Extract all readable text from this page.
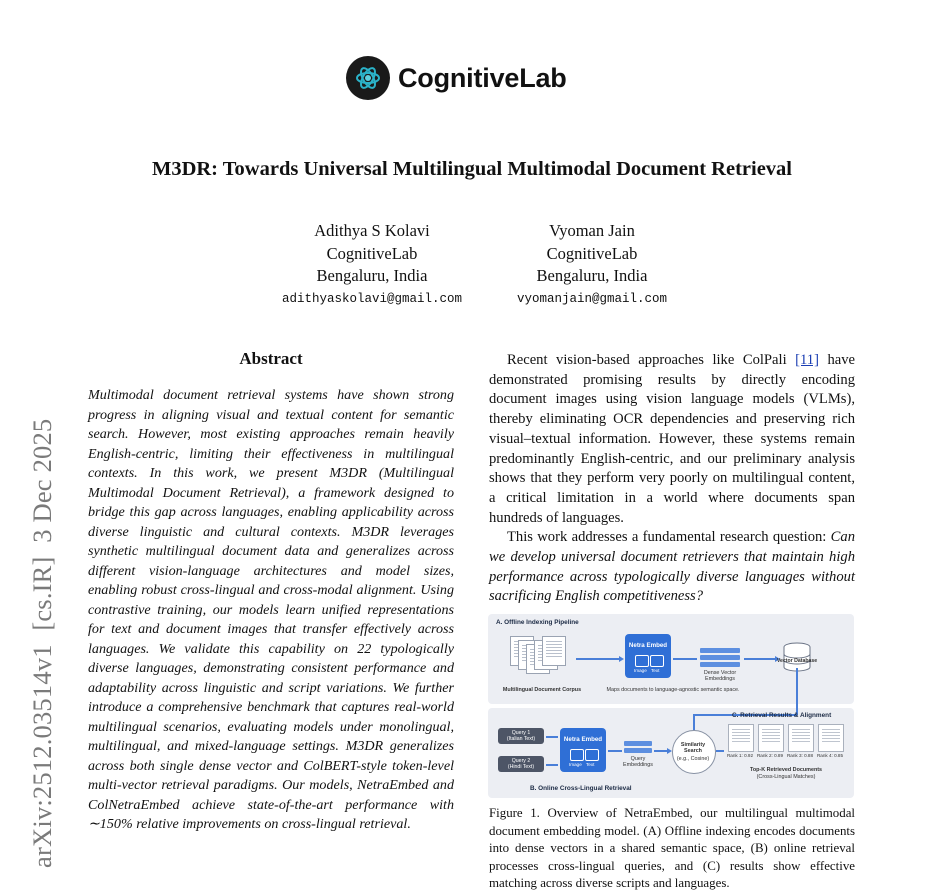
CognitiveLab
M3DR: Towards Universal Multilingual Multimodal Document Retrieval
Adithya S Kolavi
CognitiveLab
Bengaluru, India
adithyaskolavi@gmail.com
Vyoman Jain
CognitiveLab
Bengaluru, India
vyomanjain@gmail.com
arXiv:2512.03514v1  [cs.IR]  3 Dec 2025
Abstract
Multimodal document retrieval systems have shown strong progress in aligning visual and textual content for semantic search. However, most existing approaches remain heavily English-centric, limiting their effectiveness in multilingual contexts. In this work, we present M3DR (Multilingual Multimodal Document Retrieval), a framework designed to bridge this gap across languages, enabling applicability across diverse linguistic and cultural contexts. M3DR leverages synthetic multilingual document data and generalizes across different vision-language architectures and model sizes, enabling robust cross-lingual and cross-modal alignment. Using contrastive training, our models learn unified representations for text and document images that transfer effectively across languages. We validate this capability on 22 typologically diverse languages, demonstrating consistent performance and adaptability across linguistic and script variations. We further introduce a comprehensive benchmark that captures real-world multilingual scenarios, evaluating models under monolingual, multilingual, and mixed-language settings. M3DR generalizes across both single dense vector and ColBERT-style token-level multi-vector retrieval paradigms. Our models, NetraEmbed and ColNetraEmbed achieve state-of-the-art performance with ∼150% relative improvements on cross-lingual retrieval.

Recent vision-based approaches like ColPali [11] have demonstrated promising results by directly encoding document images using vision language models (VLMs), thereby eliminating OCR dependencies and preserving rich visual–textual information. However, these systems remain predominantly English-centric, and our preliminary analysis shows that they perform very poorly on multilingual content, a critical limitation in a world where documents span hundreds of languages.

This work addresses a fundamental research question: Can we develop universal document retrievers that maintain high performance across typologically diverse languages without sacrificing English competitiveness?

A. Offline Indexing Pipeline
Multilingual Document Corpus
Netra Embed
Image Text
Maps documents to language-agnostic semantic space.
Dense Vector Embeddings
Vector Database
Query 1
(Italian Text)
Query 2
(Hindi Text)
Netra Embed
Image Text
Query Embeddings
Similarity Search
(e.g., Cosine)
C. Retrieval Results & Alignment
Rank 1: 0.92 Rank 2: 0.89 Rank 3: 0.88 Rank 4: 0.85
Top-K Retrieved Documents
(Cross-Lingual Matches)
B. Online Cross-Lingual Retrieval
Figure 1. Overview of NetraEmbed, our multilingual multimodal document embedding model. (A) Offline indexing encodes documents into dense vectors in a shared semantic space, (B) online retrieval processes cross-lingual queries, and (C) results show effective matching across diverse scripts and languages.
